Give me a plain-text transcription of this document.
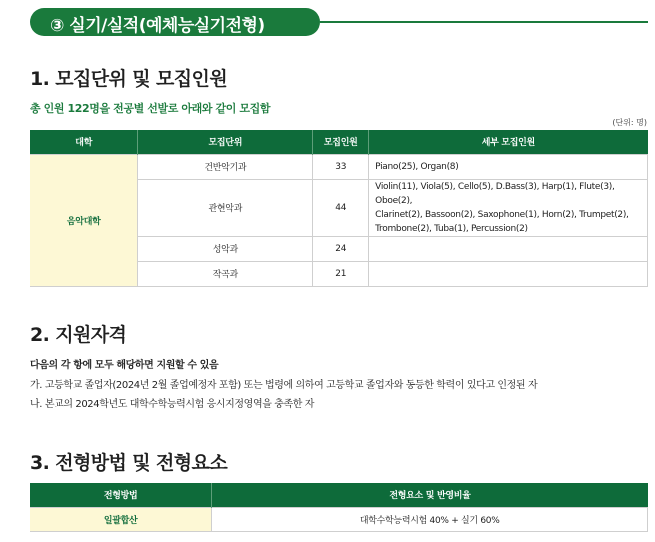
③ 실기/실적(예체능실기전형)
1. 모집단위 및 모집인원
총 인원 122명을 전공별 선발로 아래와 같이 모집함
(단위: 명)
대학	모집단위	모집인원	세부 모집인원
음악대학	건반악기과	33	Piano(25), Organ(8)
	관현악과	44	Violin(11), Viola(5), Cello(5), D.Bass(3), Harp(1), Flute(3), Oboe(2),
Clarinet(2), Bassoon(2), Saxophone(1), Horn(2), Trumpet(2),
Trombone(2), Tuba(1), Percussion(2)

	성악과	24	
	작곡과	21	
2. 지원자격
다음의 각 항에 모두 해당하면 지원할 수 있음
가. 고등학교 졸업자(2024년 2월 졸업예정자 포함) 또는 법령에 의하여 고등학교 졸업자와 동등한 학력이 있다고 인정된 자
나. 본교의 2024학년도 대학수학능력시험 응시지정영역을 충족한 자
3. 전형방법 및 전형요소
전형방법	전형요소 및 반영비율
일괄합산	대학수학능력시험 40% + 실기 60%
